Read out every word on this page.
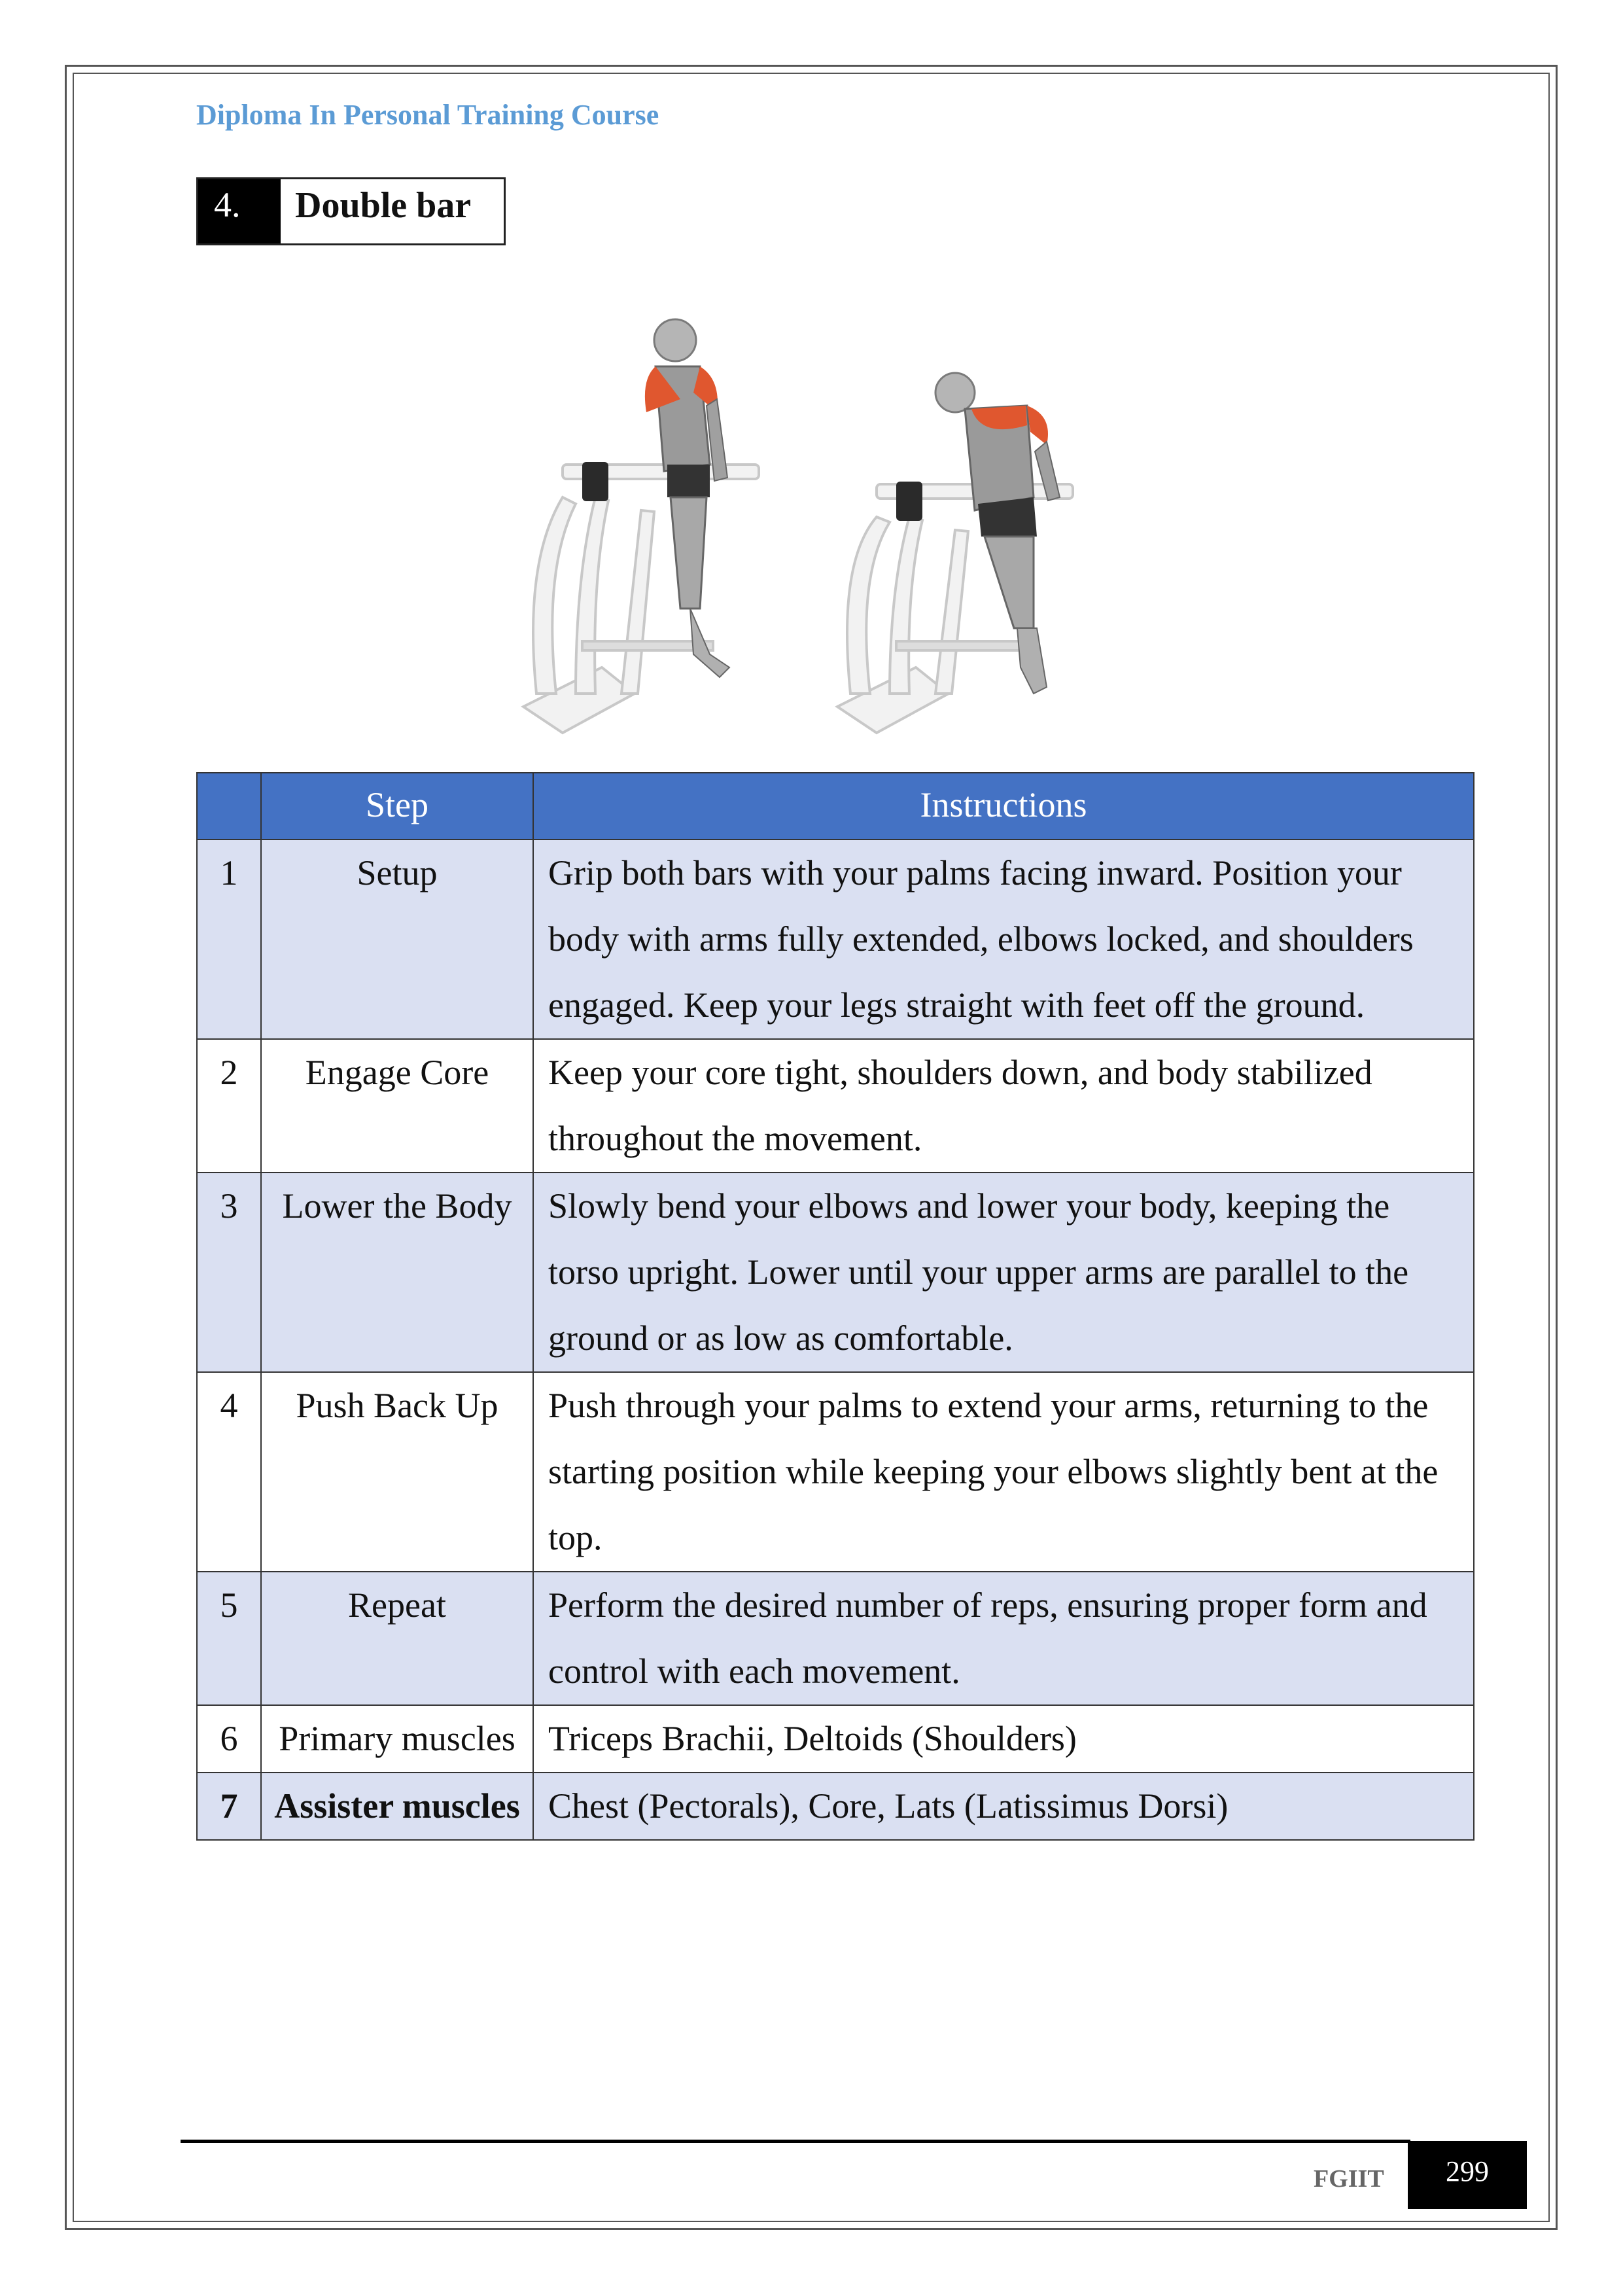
Diploma In Personal Training Course
4.	Double bar
	Step	Instructions
1	Setup	Grip both bars with your palms facing inward. Position your body with arms fully extended, elbows locked, and shoulders engaged. Keep your legs straight with feet off the ground.
2	Engage Core	Keep your core tight, shoulders down, and body stabilized throughout the movement.
3	Lower the Body	Slowly bend your elbows and lower your body, keeping the torso upright. Lower until your upper arms are parallel to the ground or as low as comfortable.
4	Push Back Up	Push through your palms to extend your arms, returning to the starting position while keeping your elbows slightly bent at the top.
5	Repeat	Perform the desired number of reps, ensuring proper form and control with each movement.
6	Primary muscles	Triceps Brachii, Deltoids (Shoulders)
7	Assister muscles	Chest (Pectorals), Core, Lats (Latissimus Dorsi)
FGIIT	299
